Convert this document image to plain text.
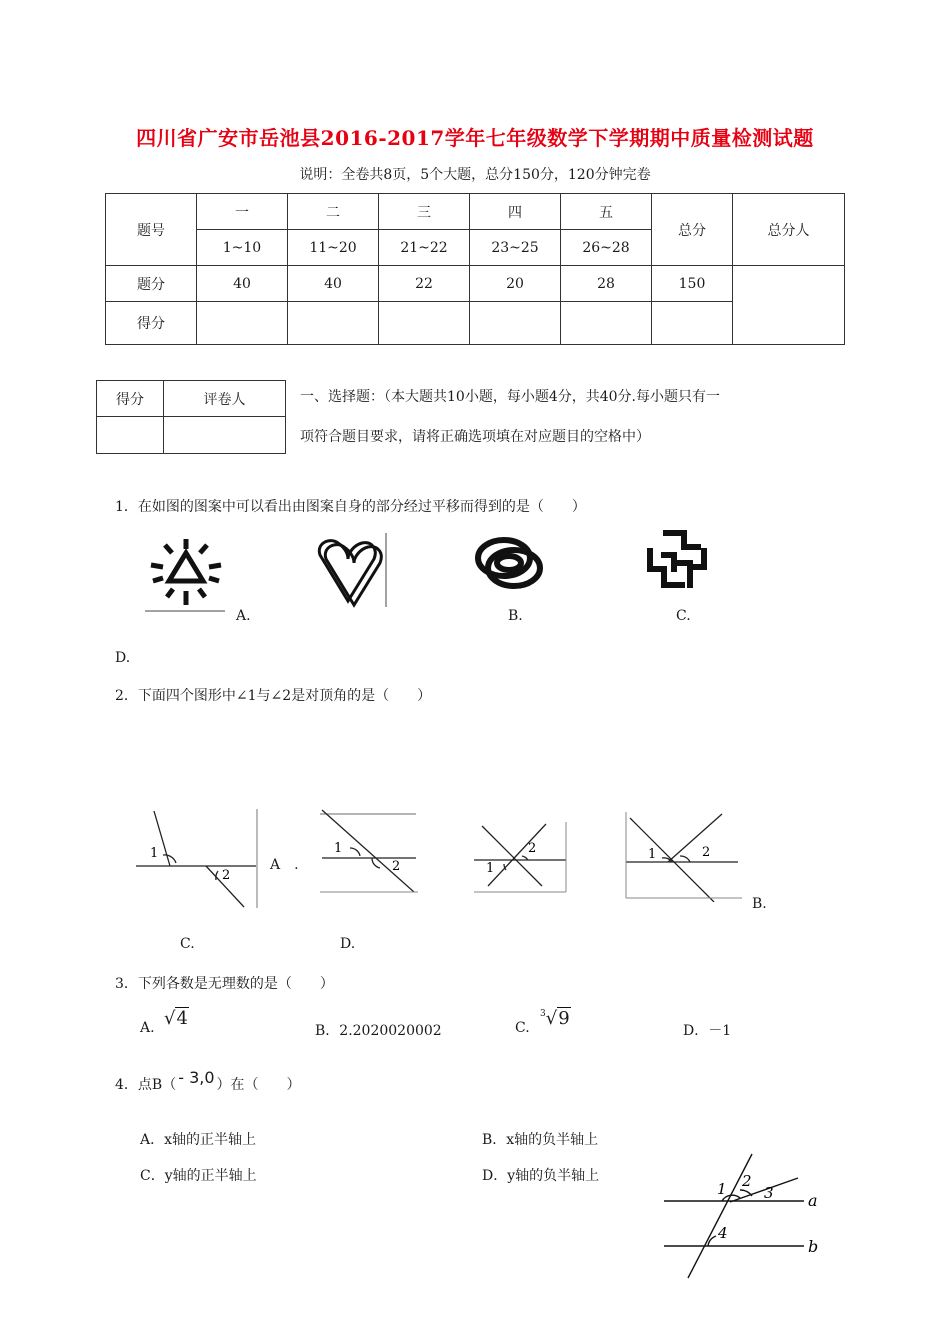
四川省广安市岳池县2016-2017学年七年级数学下学期期中质量检测试题
说明：全卷共8页，5个大题，总分150分，120分钟完卷
题号	一	二	三	四	五	总分	总分人
	1~10	11~20	21~22	23~25	26~28		
题分	40	40	22	20	28	150	
得分							
得分	评卷人
		一、选择题：（本大题共10小题，每小题4分，共40分.每小题只有一
项符合题目要求，请将正确选项填在对应题目的空格中）
1．在如图的图案中可以看出由图案自身的部分经过平移而得到的是（　　）
A.	B.	C.
D.
2．下面四个图形中∠1与∠2是对顶角的是（　　）
1
2
A　.
1
2
2
1
1	2
B.
C.	D.
3．下列各数是无理数的是（　　）
A. √4
B．2.2020020002	C.
$^3$√9
D．－1
4．点B（ - 3,0 ）在（　　）
A．x轴的正半轴上	B．x轴的负半轴上
C．y轴的正半轴上	D．y轴的负半轴上
1 2
3
4
a
b
